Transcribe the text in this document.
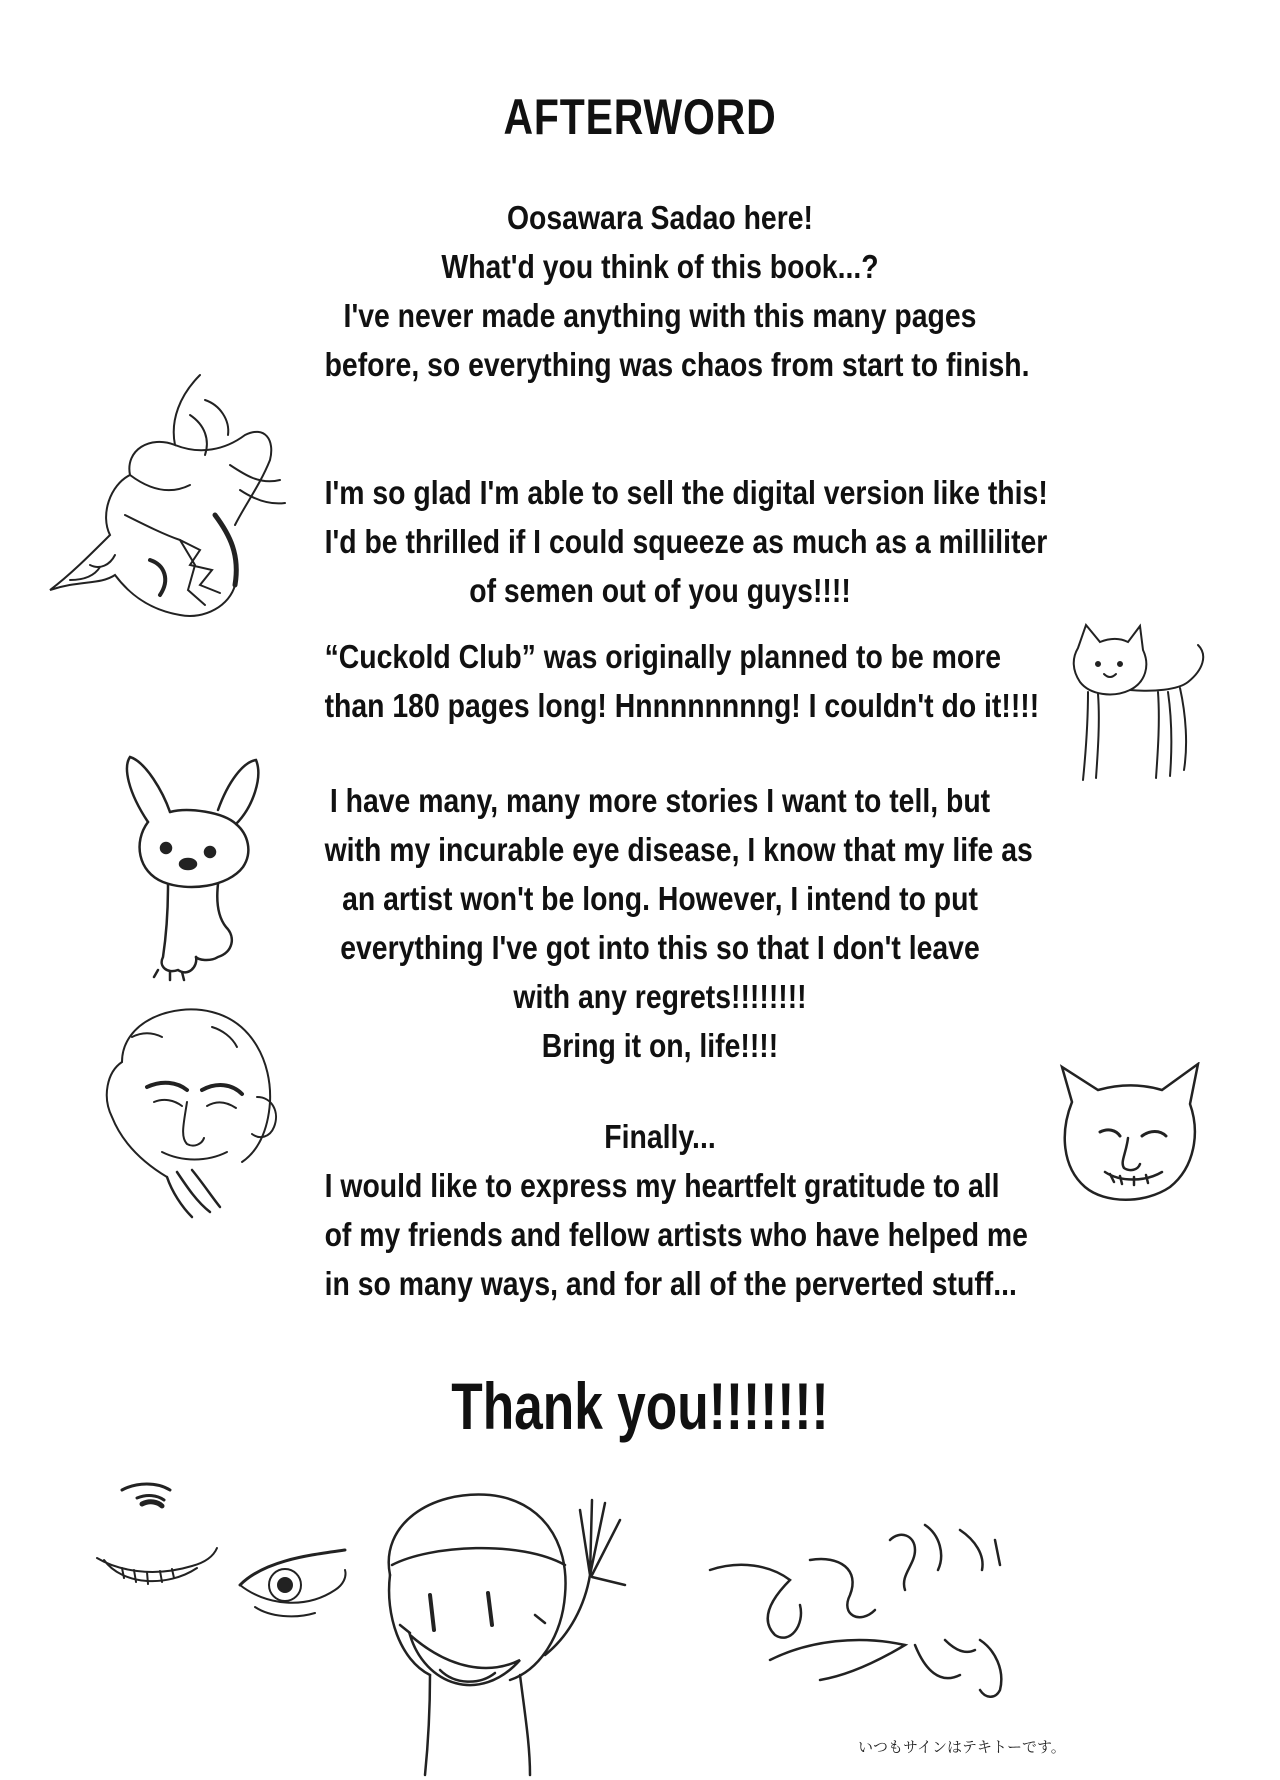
AFTERWORD
Oosawara Sadao here!
What'd you think of this book...?
I've never made anything with this many pages
before, so everything was chaos from start to finish.
I'm so glad I'm able to sell the digital version like this!
I'd be thrilled if I could squeeze as much as a milliliter
of semen out of you guys!!!!
“Cuckold Club” was originally planned to be more
than 180 pages long! Hnnnnnnnng! I couldn't do it!!!!
I have many, many more stories I want to tell, but
with my incurable eye disease, I know that my life as
an artist won't be long. However, I intend to put
everything I've got into this so that I don't leave
with any regrets!!!!!!!!
Bring it on, life!!!!
Finally...
I would like to express my heartfelt gratitude to all
of my friends and fellow artists who have helped me
in so many ways, and for all of the perverted stuff...
Thank you!!!!!!!
いつもサインはテキトーです。
